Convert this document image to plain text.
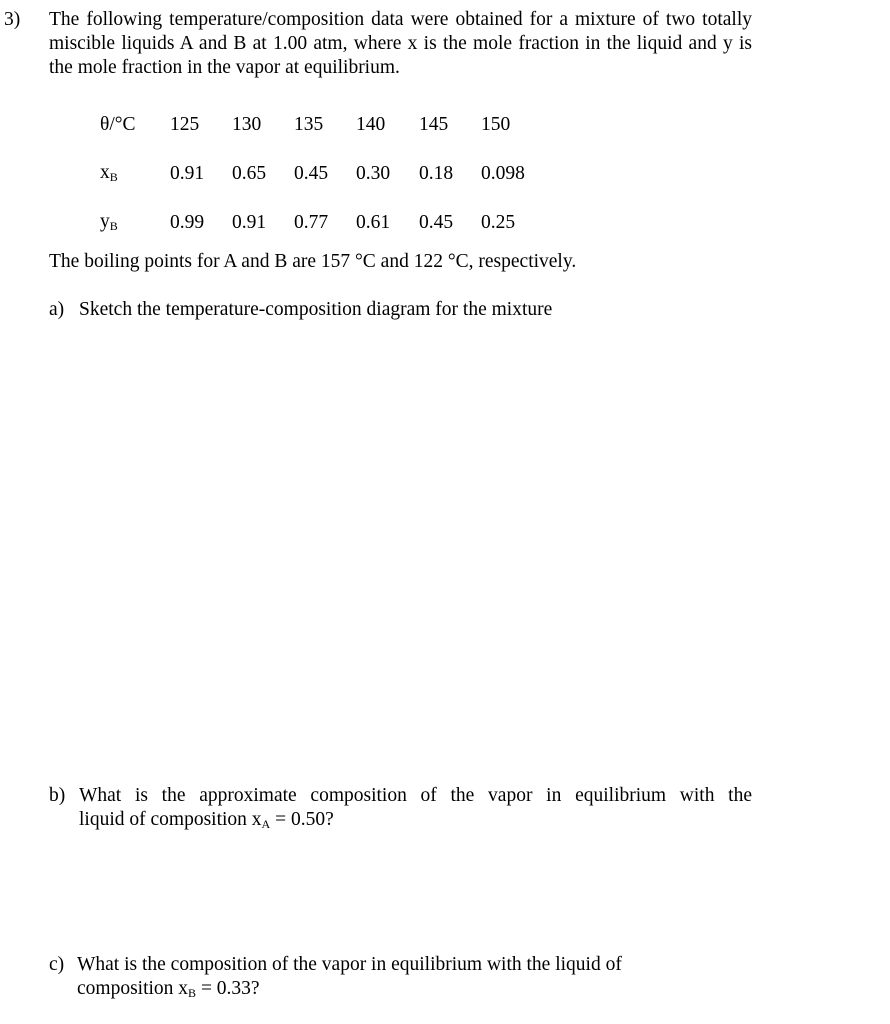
3) The following temperature/composition data were obtained for a mixture of two totally miscible liquids A and B at 1.00 atm, where x is the mole fraction in the liquid and y is the mole fraction in the vapor at equilibrium.
θ/°C	125	130	135	140	145	150
$x_B$	0.91	0.65	0.45	0.30	0.18	0.098
$y_B$	0.99	0.91	0.77	0.61	0.45	0.25
The boiling points for A and B are 157 °C and 122 °C, respectively.
a) Sketch the temperature-composition diagram for the mixture
b) What is the approximate composition of the vapor in equilibrium with the
liquid of composition $x_A = 0.50$?
c) What is the composition of the vapor in equilibrium with the liquid of
composition $x_B = 0.33$?
